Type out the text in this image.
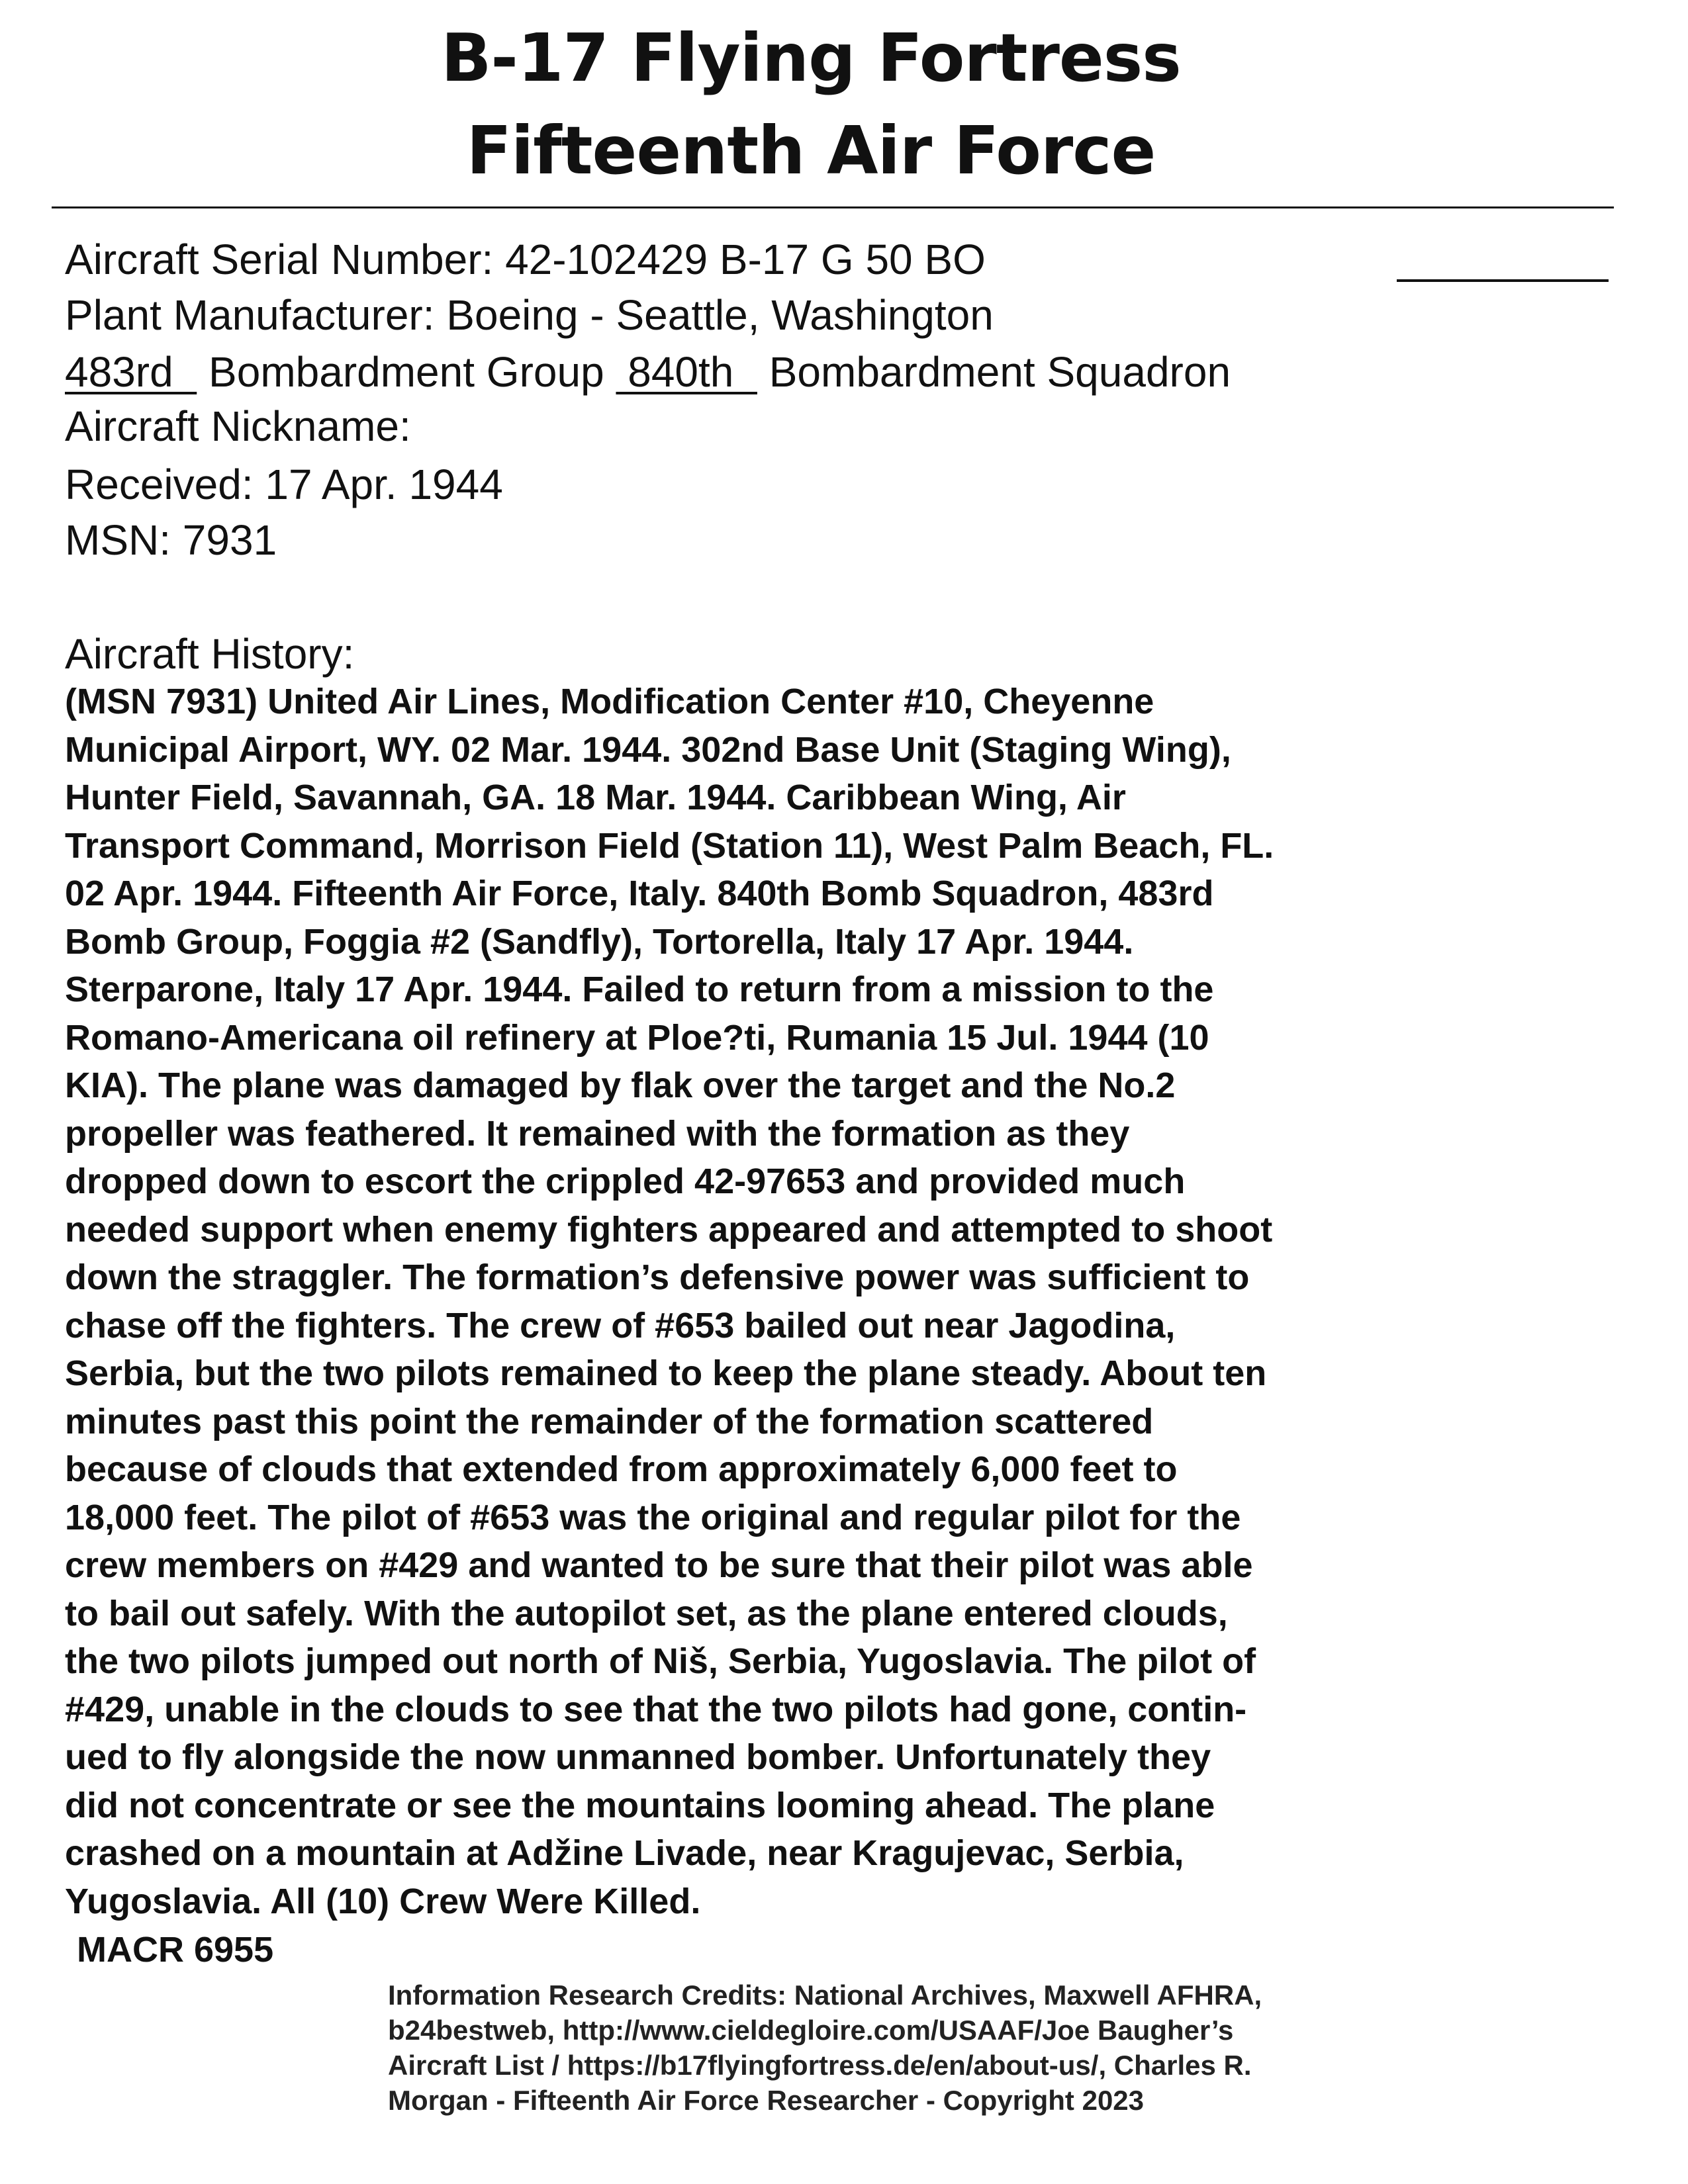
B-17 Flying Fortress
Fifteenth Air Force
Aircraft Serial Number: 42-102429 B-17 G 50 BO
Plant Manufacturer: Boeing - Seattle, Washington
483rd   Bombardment Group  840th   Bombardment Squadron
Aircraft Nickname:
Received: 17 Apr. 1944
MSN: 7931
Aircraft History:
(MSN 7931) United Air Lines, Modification Center #10, Cheyenne
Municipal Airport, WY. 02 Mar. 1944. 302nd Base Unit (Staging Wing),
Hunter Field, Savannah, GA. 18 Mar. 1944. Caribbean Wing, Air
Transport Command, Morrison Field (Station 11), West Palm Beach, FL.
02 Apr. 1944. Fifteenth Air Force, Italy. 840th Bomb Squadron, 483rd
Bomb Group, Foggia #2 (Sandfly), Tortorella, Italy 17 Apr. 1944.
Sterparone, Italy 17 Apr. 1944. Failed to return from a mission to the
Romano-Americana oil refinery at Ploe?ti, Rumania 15 Jul. 1944 (10
KIA). The plane was damaged by flak over the target and the No.2
propeller was feathered. It remained with the formation as they
dropped down to escort the crippled 42-97653 and provided much
needed support when enemy fighters appeared and attempted to shoot
down the straggler. The formation’s defensive power was sufficient to
chase off the fighters. The crew of #653 bailed out near Jagodina,
Serbia, but the two pilots remained to keep the plane steady. About ten
minutes past this point the remainder of the formation scattered
because of clouds that extended from approximately 6,000 feet to
18,000 feet. The pilot of #653 was the original and regular pilot for the
crew members on #429 and wanted to be sure that their pilot was able
to bail out safely. With the autopilot set, as the plane entered clouds,
the two pilots jumped out north of Niš, Serbia, Yugoslavia. The pilot of
#429, unable in the clouds to see that the two pilots had gone, contin-
ued to fly alongside the now unmanned bomber. Unfortunately they
did not concentrate or see the mountains looming ahead. The plane
crashed on a mountain at Adžine Livade, near Kragujevac, Serbia,
Yugoslavia. All (10) Crew Were Killed.
MACR 6955
Information Research Credits: National Archives, Maxwell AFHRA,
b24bestweb, http://www.cieldegloire.com/USAAF/Joe Baugher’s
Aircraft List / https://b17flyingfortress.de/en/about-us/, Charles R.
Morgan - Fifteenth Air Force Researcher - Copyright 2023
